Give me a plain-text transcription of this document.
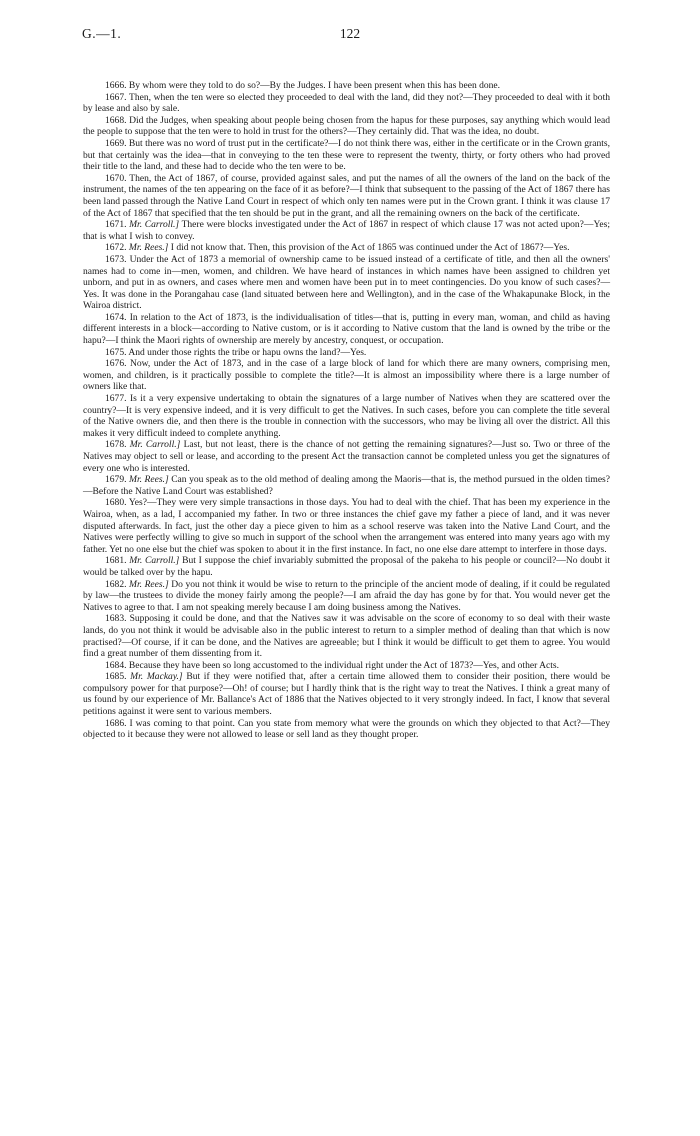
122
G.—1.

1666. By whom were they told to do so?—By the Judges. I have been present when this has been done.

1667. Then, when the ten were so elected they proceeded to deal with the land, did they not?—They proceeded to deal with it both by lease and also by sale.

1668. Did the Judges, when speaking about people being chosen from the hapus for these purposes, say anything which would lead the people to suppose that the ten were to hold in trust for the others?—They certainly did. That was the idea, no doubt.

1669. But there was no word of trust put in the certificate?—I do not think there was, either in the certificate or in the Crown grants, but that certainly was the idea—that in conveying to the ten these were to represent the twenty, thirty, or forty others who had proved their title to the land, and these had to decide who the ten were to be.

1670. Then, the Act of 1867, of course, provided against sales, and put the names of all the owners of the land on the back of the instrument, the names of the ten appearing on the face of it as before?—I think that subsequent to the passing of the Act of 1867 there has been land passed through the Native Land Court in respect of which only ten names were put in the Crown grant. I think it was clause 17 of the Act of 1867 that specified that the ten should be put in the grant, and all the remaining owners on the back of the certificate.

1671. Mr. Carroll.] There were blocks investigated under the Act of 1867 in respect of which clause 17 was not acted upon?—Yes; that is what I wish to convey.

1672. Mr. Rees.] I did not know that. Then, this provision of the Act of 1865 was continued under the Act of 1867?—Yes.

1673. Under the Act of 1873 a memorial of ownership came to be issued instead of a certificate of title, and then all the owners' names had to come in—men, women, and children. We have heard of instances in which names have been assigned to children yet unborn, and put in as owners, and cases where men and women have been put in to meet contingencies. Do you know of such cases?—Yes. It was done in the Porangahau case (land situated between here and Wellington), and in the case of the Whakapunake Block, in the Wairoa district.

1674. In relation to the Act of 1873, is the individualisation of titles—that is, putting in every man, woman, and child as having different interests in a block—according to Native custom, or is it according to Native custom that the land is owned by the tribe or the hapu?—I think the Maori rights of ownership are merely by ancestry, conquest, or occupation.

1675. And under those rights the tribe or hapu owns the land?—Yes.

1676. Now, under the Act of 1873, and in the case of a large block of land for which there are many owners, comprising men, women, and children, is it practically possible to complete the title?—It is almost an impossibility where there is a large number of owners like that.

1677. Is it a very expensive undertaking to obtain the signatures of a large number of Natives when they are scattered over the country?—It is very expensive indeed, and it is very difficult to get the Natives. In such cases, before you can complete the title several of the Native owners die, and then there is the trouble in connection with the successors, who may be living all over the district. All this makes it very difficult indeed to complete anything.

1678. Mr. Carroll.] Last, but not least, there is the chance of not getting the remaining signatures?—Just so. Two or three of the Natives may object to sell or lease, and according to the present Act the transaction cannot be completed unless you get the signatures of every one who is interested.

1679. Mr. Rees.] Can you speak as to the old method of dealing among the Maoris—that is, the method pursued in the olden times?—Before the Native Land Court was established?

1680. Yes?—They were very simple transactions in those days. You had to deal with the chief. That has been my experience in the Wairoa, when, as a lad, I accompanied my father. In two or three instances the chief gave my father a piece of land, and it was never disputed afterwards. In fact, just the other day a piece given to him as a school reserve was taken into the Native Land Court, and the Natives were perfectly willing to give so much in support of the school when the arrangement was entered into many years ago with my father. Yet no one else but the chief was spoken to about it in the first instance. In fact, no one else dare attempt to interfere in those days.

1681. Mr. Carroll.] But I suppose the chief invariably submitted the proposal of the pakeha to his people or council?—No doubt it would be talked over by the hapu.

1682. Mr. Rees.] Do you not think it would be wise to return to the principle of the ancient mode of dealing, if it could be regulated by law—the trustees to divide the money fairly among the people?—I am afraid the day has gone by for that. You would never get the Natives to agree to that. I am not speaking merely because I am doing business among the Natives.

1683. Supposing it could be done, and that the Natives saw it was advisable on the score of economy to so deal with their waste lands, do you not think it would be advisable also in the public interest to return to a simpler method of dealing than that which is now practised?—Of course, if it can be done, and the Natives are agreeable; but I think it would be difficult to get them to agree. You would find a great number of them dissenting from it.

1684. Because they have been so long accustomed to the individual right under the Act of 1873?—Yes, and other Acts.

1685. Mr. Mackay.] But if they were notified that, after a certain time allowed them to consider their position, there would be compulsory power for that purpose?—Oh! of course; but I hardly think that is the right way to treat the Natives. I think a great many of us found by our experience of Mr. Ballance's Act of 1886 that the Natives objected to it very strongly indeed. In fact, I know that several petitions against it were sent to various members.

1686. I was coming to that point. Can you state from memory what were the grounds on which they objected to that Act?—They objected to it because they were not allowed to lease or sell land as they thought proper.
